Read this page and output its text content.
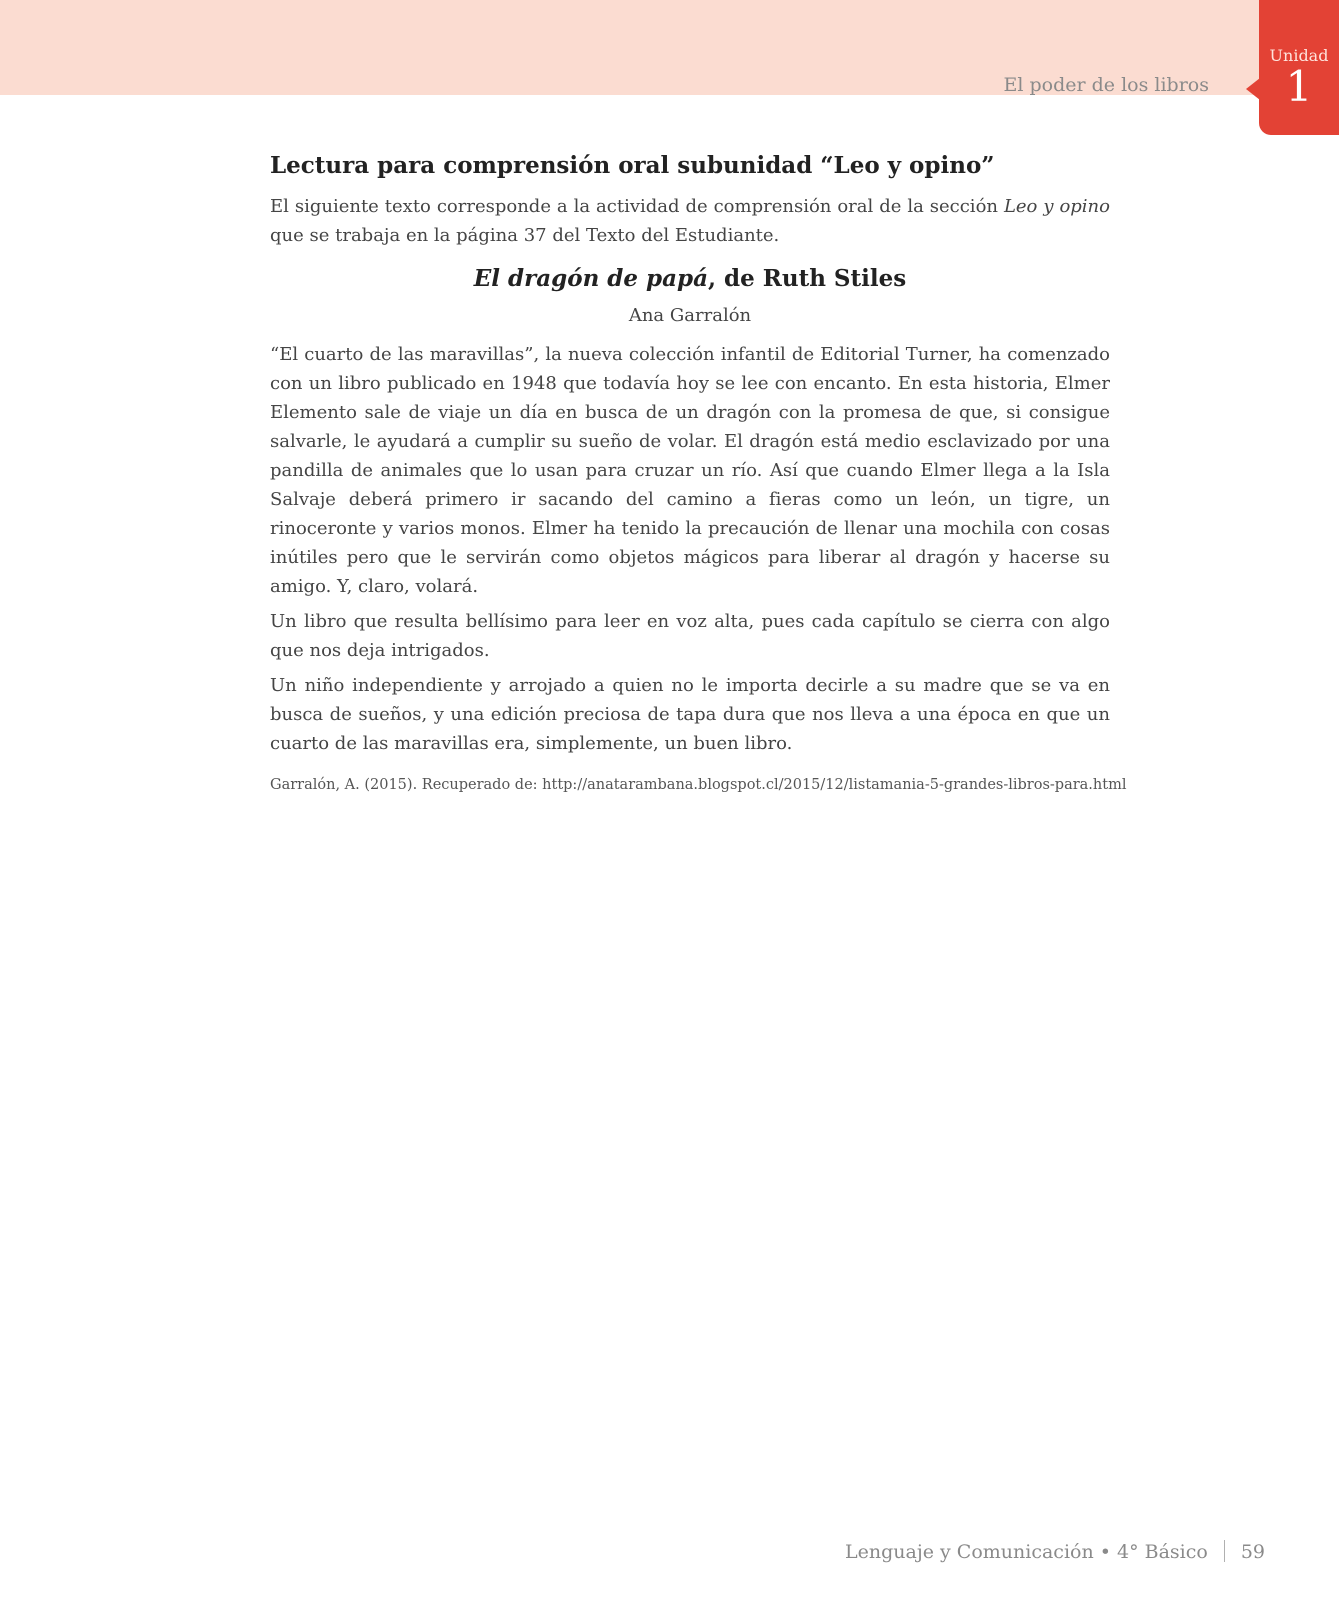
El poder de los libros
Unidad
1
Lectura para comprensión oral subunidad “Leo y opino”

El siguiente texto corresponde a la actividad de comprensión oral de la sección Leo y opino que se trabaja en la página 37 del Texto del Estudiante.

El dragón de papá, de Ruth Stiles

Ana Garralón

“El cuarto de las maravillas”, la nueva colección infantil de Editorial Turner, ha comenzado con un libro publicado en 1948 que todavía hoy se lee con encanto. En esta historia, Elmer Elemento sale de viaje un día en busca de un dragón con la promesa de que, si consigue salvarle, le ayudará a cumplir su sueño de volar. El dragón está medio esclavizado por una pandilla de animales que lo usan para cruzar un río. Así que cuando Elmer llega a la Isla Salvaje deberá primero ir sacando del camino a fieras como un león, un tigre, un rinoceronte y varios monos. Elmer ha tenido la precaución de llenar una mochila con cosas inútiles pero que le servirán como objetos mágicos para liberar al dragón y hacerse su amigo. Y, claro, volará.

Un libro que resulta bellísimo para leer en voz alta, pues cada capítulo se cierra con algo que nos deja intrigados.

Un niño independiente y arrojado a quien no le importa decirle a su madre que se va en busca de sueños, y una edición preciosa de tapa dura que nos lleva a una época en que un cuarto de las maravillas era, simplemente, un buen libro.

Garralón, A. (2015). Recuperado de: http://anatarambana.blogspot.cl/2015/12/listamania-5-grandes-libros-para.html

Lenguaje y Comunicación • 4° Básico 59
